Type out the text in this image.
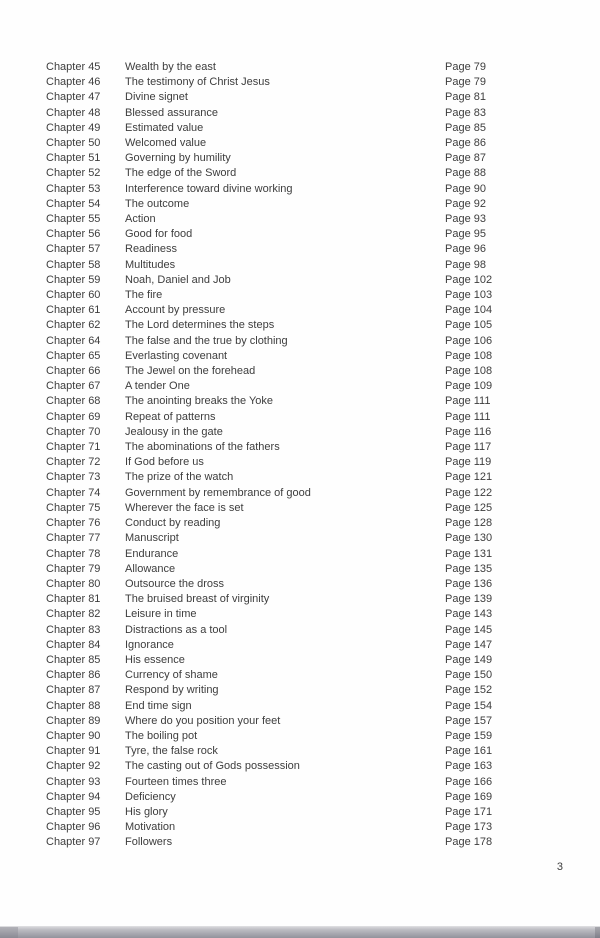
Chapter 45	Wealth by the east	Page 79
Chapter 46	The testimony of Christ Jesus	Page 79
Chapter 47	Divine signet	Page 81
Chapter 48	Blessed assurance	Page 83
Chapter 49	Estimated value	Page 85
Chapter 50	Welcomed value	Page 86
Chapter 51	Governing by humility	Page 87
Chapter 52	The edge of the Sword	Page 88
Chapter 53	Interference toward divine working	Page 90
Chapter 54	The outcome	Page 92
Chapter 55	Action	Page 93
Chapter 56	Good for food	Page 95
Chapter 57	Readiness	Page 96
Chapter 58	Multitudes	Page 98
Chapter 59	Noah, Daniel and Job	Page 102
Chapter 60	The fire	Page 103
Chapter 61	Account by pressure	Page 104
Chapter 62	The Lord determines the steps	Page 105
Chapter 64	The false and the true by clothing	Page 106
Chapter 65	Everlasting covenant	Page 108
Chapter 66	The Jewel on the forehead	Page 108
Chapter 67	A tender One	Page 109
Chapter 68	The anointing breaks the Yoke	Page 111
Chapter 69	Repeat of patterns	Page 111
Chapter 70	Jealousy in the gate	Page 116
Chapter 71	The abominations of the fathers	Page 117
Chapter 72	If God before us	Page 119
Chapter 73	The prize of the watch	Page 121
Chapter 74	Government by remembrance of good	Page 122
Chapter 75	Wherever the face is set	Page 125
Chapter 76	Conduct by reading	Page 128
Chapter 77	Manuscript	Page 130
Chapter 78	Endurance	Page 131
Chapter 79	Allowance	Page 135
Chapter 80	Outsource the dross	Page 136
Chapter 81	The bruised breast of virginity	Page 139
Chapter 82	Leisure in time	Page 143
Chapter 83	Distractions as a tool	Page 145
Chapter 84	Ignorance	Page 147
Chapter 85	His essence	Page 149
Chapter 86	Currency of shame	Page 150
Chapter 87	Respond by writing	Page 152
Chapter 88	End time sign	Page 154
Chapter 89	Where do you position your feet	Page 157
Chapter 90	The boiling pot	Page 159
Chapter 91	Tyre, the false rock	Page 161
Chapter 92	The casting out of Gods possession	Page 163
Chapter 93	Fourteen times three	Page 166
Chapter 94	Deficiency	Page 169
Chapter 95	His glory	Page 171
Chapter 96	Motivation	Page 173
Chapter 97	Followers	Page 178
3
